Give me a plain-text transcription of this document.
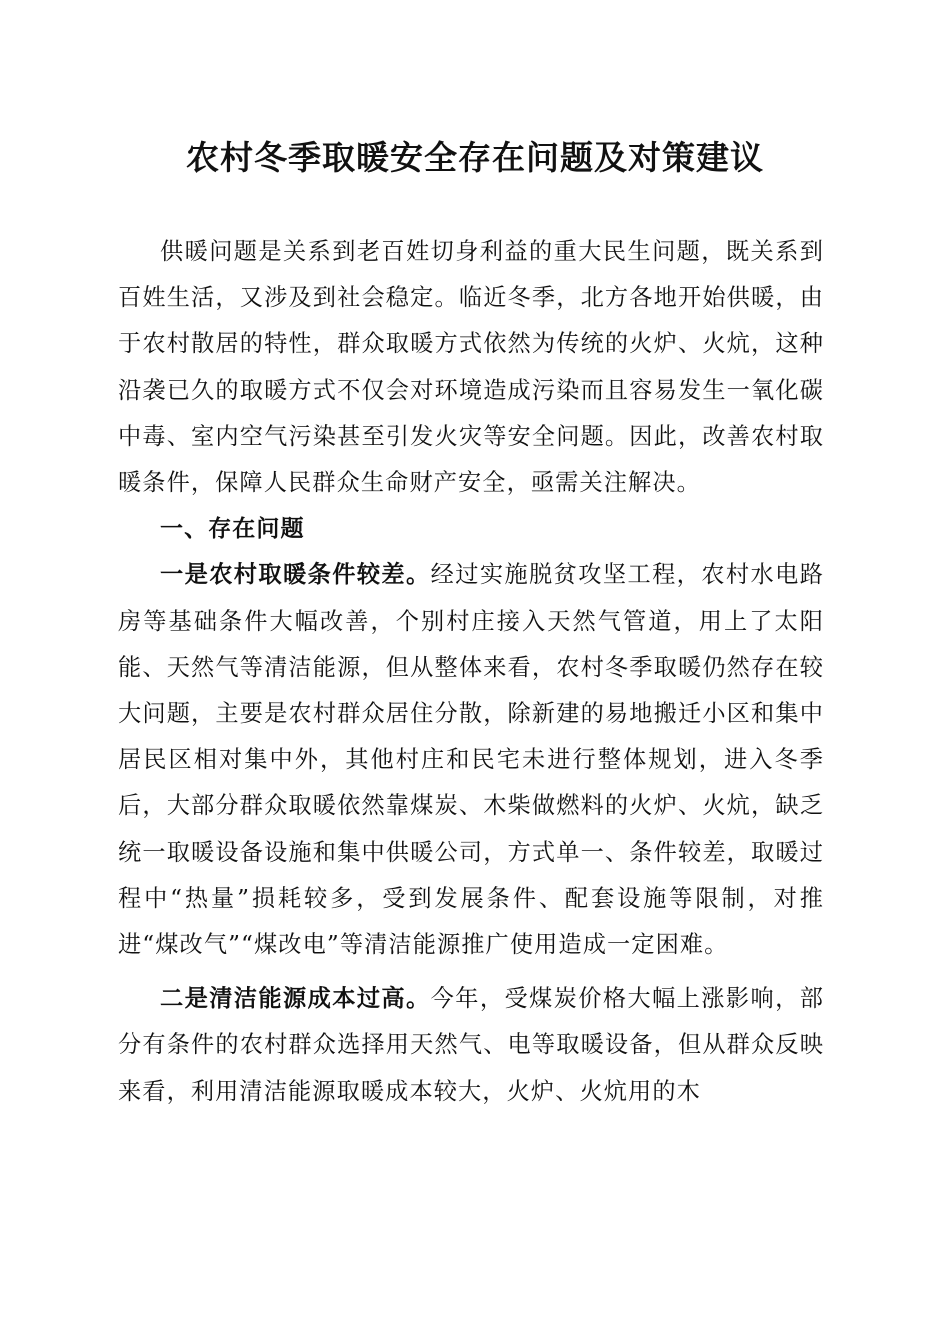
农村冬季取暖安全存在问题及对策建议

供暖问题是关系到老百姓切身利益的重大民生问题，既关系到百姓生活，又涉及到社会稳定。临近冬季，北方各地开始供暖，由于农村散居的特性，群众取暖方式依然为传统的火炉、火炕，这种沿袭已久的取暖方式不仅会对环境造成污染而且容易发生一氧化碳中毒、室内空气污染甚至引发火灾等安全问题。因此，改善农村取暖条件，保障人民群众生命财产安全，亟需关注解决。

一、存在问题

一是农村取暖条件较差。经过实施脱贫攻坚工程，农村水电路房等基础条件大幅改善，个别村庄接入天然气管道，用上了太阳能、天然气等清洁能源，但从整体来看，农村冬季取暖仍然存在较大问题，主要是农村群众居住分散，除新建的易地搬迁小区和集中居民区相对集中外，其他村庄和民宅未进行整体规划，进入冬季后，大部分群众取暖依然靠煤炭、木柴做燃料的火炉、火炕，缺乏统一取暖设备设施和集中供暖公司，方式单一、条件较差，取暖过程中“热量”损耗较多，受到发展条件、配套设施等限制，对推进“煤改气”“煤改电”等清洁能源推广使用造成一定困难。

二是清洁能源成本过高。今年，受煤炭价格大幅上涨影响，部分有条件的农村群众选择用天然气、电等取暖设备，但从群众反映来看，利用清洁能源取暖成本较大，火炉、火炕用的木
